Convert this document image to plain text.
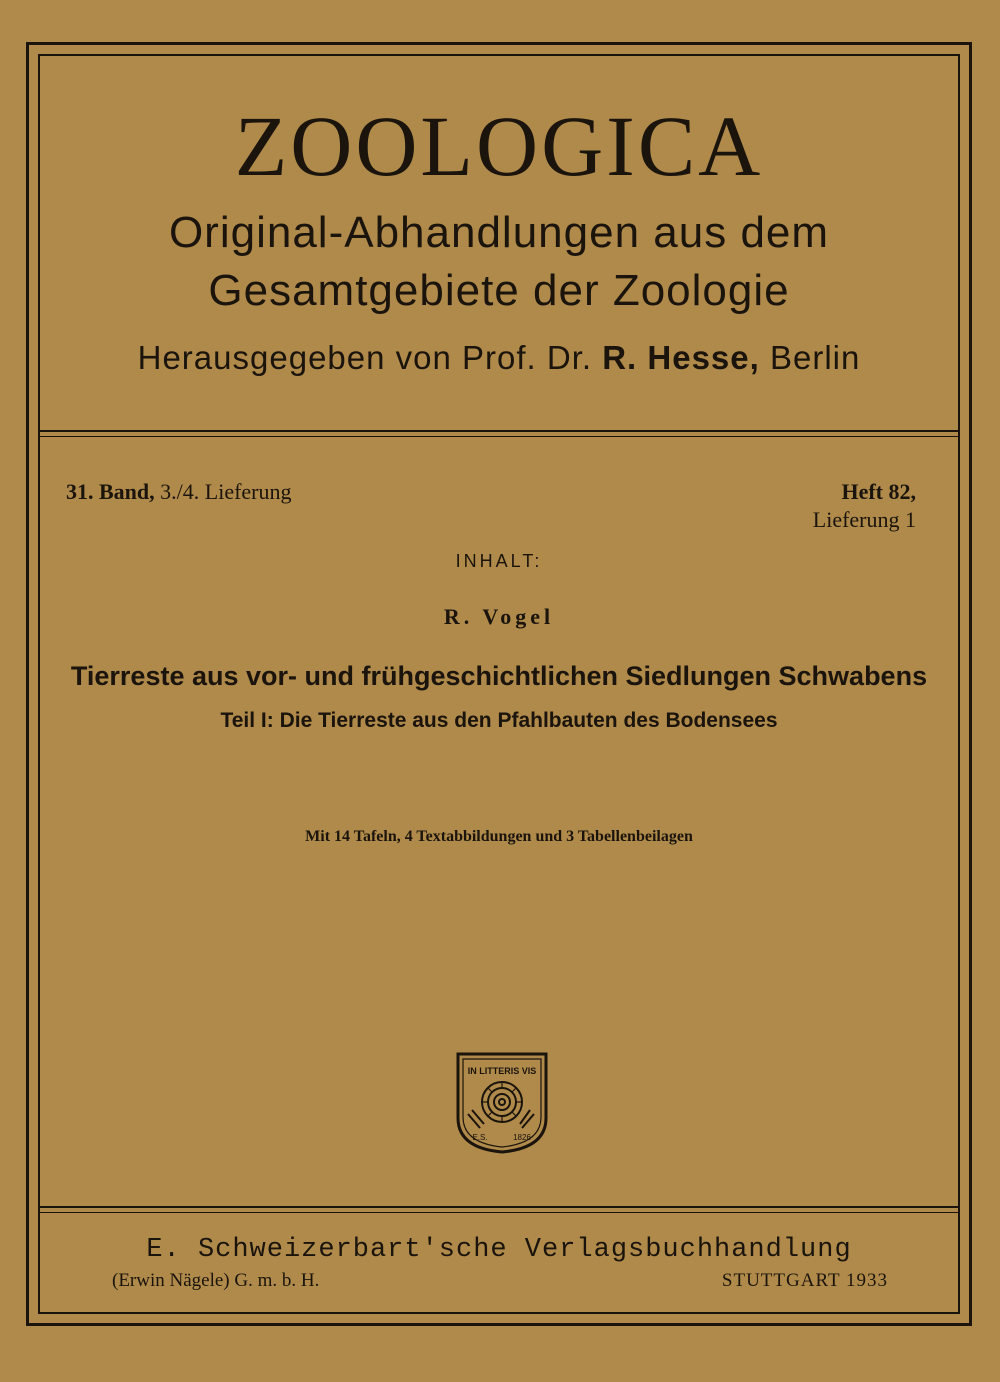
ZOOLOGICA
Original-Abhandlungen aus dem
Gesamtgebiete der Zoologie
Herausgegeben von Prof. Dr. R. Hesse, Berlin
31. Band, 3./4. Lieferung	Heft 82,
Lieferung 1
INHALT:
R. Vogel
Tierreste aus vor- und frühgeschichtlichen Siedlungen Schwabens
Teil I: Die Tierreste aus den Pfahlbauten des Bodensees
Mit 14 Tafeln, 4 Textabbildungen und 3 Tabellenbeilagen
IN LITTERIS VIS
E.S.	1826
E. Schweizerbart'sche Verlagsbuchhandlung
(Erwin Nägele) G. m. b. H.	STUTTGART 1933
